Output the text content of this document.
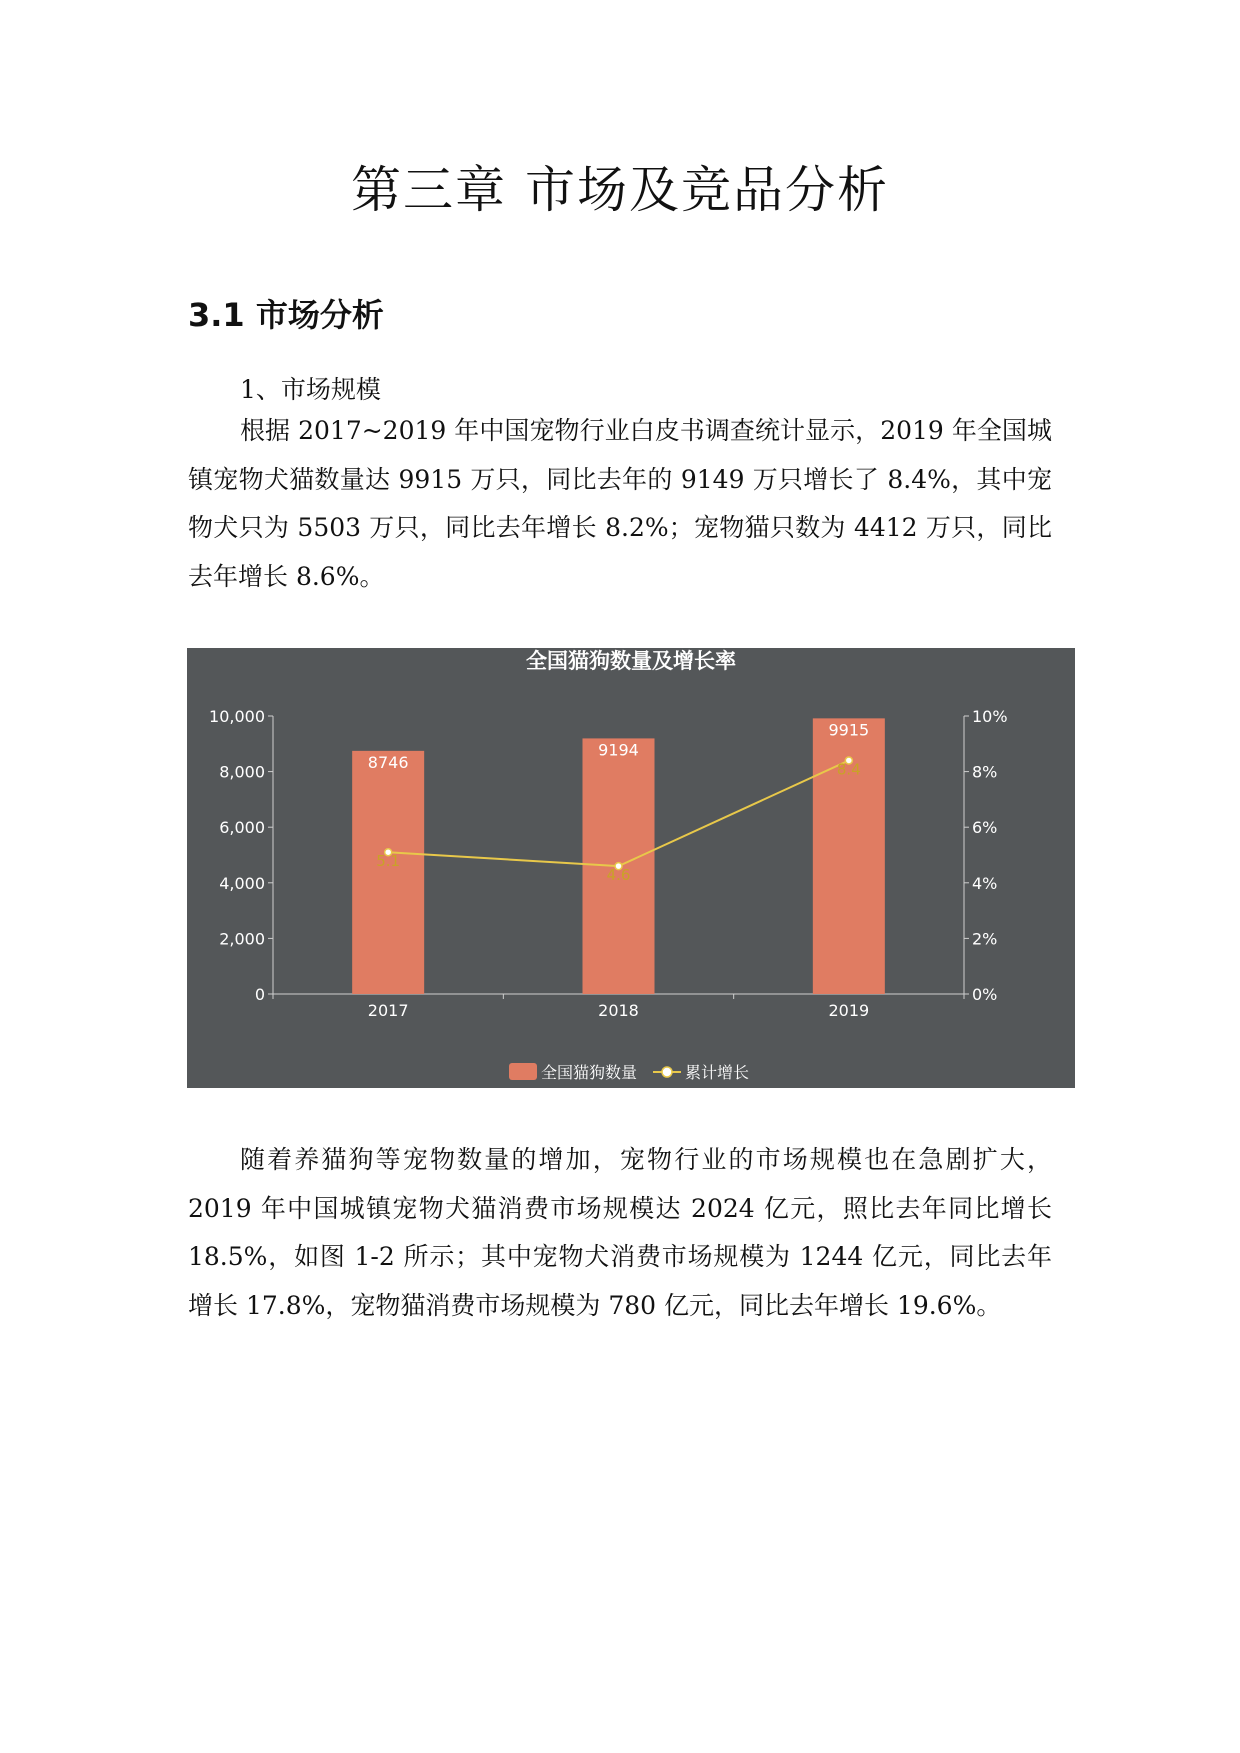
第三章 市场及竞品分析
3.1 市场分析

1、市场规模

根据 2017~2019 年中国宠物行业白皮书调查统计显示，2019 年全国城镇宠物犬猫数量达 9915 万只，同比去年的 9149 万只增长了 8.4%，其中宠物犬只为 5503 万只，同比去年增长 8.2%；宠物猫只数为 4412 万只，同比去年增长 8.6%。

全国猫狗数量及增长率
0
2,000
4,000
6,000
8,000
10,000
0%
2%
4%
6%
8%
10%
2017	2018	2019
8746
9194
9915
5.1
4.6
8.4
全国猫狗数量	累计增长

随着养猫狗等宠物数量的增加，宠物行业的市场规模也在急剧扩大，2019 年中国城镇宠物犬猫消费市场规模达 2024 亿元，照比去年同比增长 18.5%，如图 1-2 所示；其中宠物犬消费市场规模为 1244 亿元，同比去年增长 17.8%，宠物猫消费市场规模为 780 亿元，同比去年增长 19.6%。
